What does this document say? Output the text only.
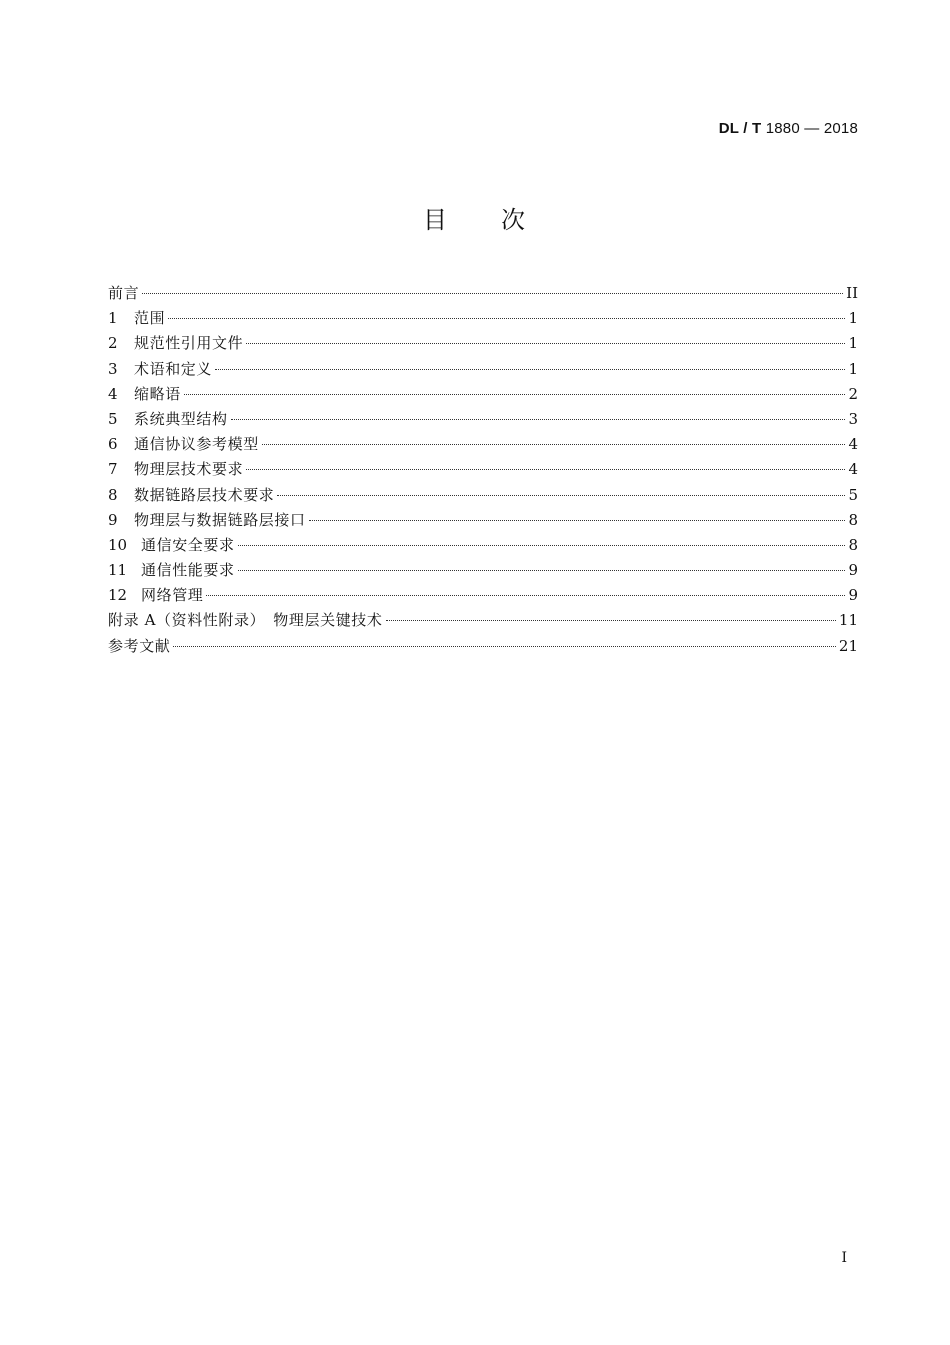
DL / T 1880 — 2018
目　　次
前言	II
1	范围	1
2	规范性引用文件	1
3	术语和定义	1
4	缩略语	2
5	系统典型结构	3
6	通信协议参考模型	4
7	物理层技术要求	4
8	数据链路层技术要求	5
9	物理层与数据链路层接口	8
10 通信安全要求	8
11 通信性能要求	9
12 网络管理	9
附录 A（资料性附录）　物理层关键技术	11
参考文献	21
I
